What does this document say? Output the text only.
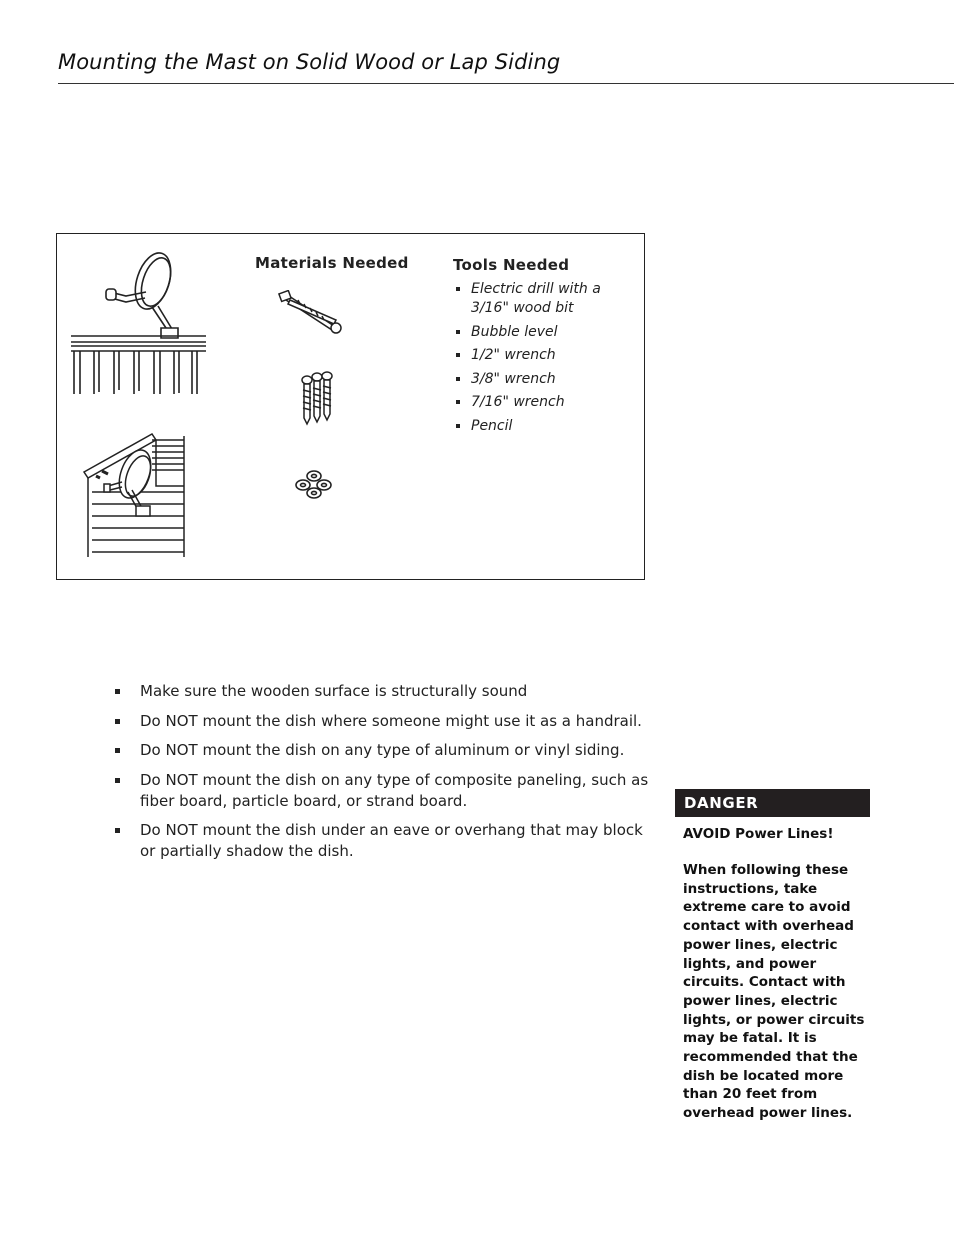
Mounting the Mast on Solid Wood or Lap Siding
Materials Needed	Tools Needed
Electric drill with a 3/16" wood bit
Bubble level
1/2" wrench
3/8" wrench
7/16" wrench
Pencil
Make sure the wooden surface is structurally sound
Do NOT mount the dish where someone might use it as a handrail.
Do NOT mount the dish on any type of aluminum or vinyl siding.
Do NOT mount the dish on any type of composite paneling, such as fiber board, particle board, or strand board.
Do NOT mount the dish under an eave or overhang that may block or partially shadow the dish.
DANGER
AVOID Power Lines!

When following these instructions, take extreme care to avoid contact with overhead power lines, electric lights, and power circuits. Contact with power lines, electric lights, or power circuits may be fatal. It is recommended that the dish be located more than 20 feet from overhead power lines.
